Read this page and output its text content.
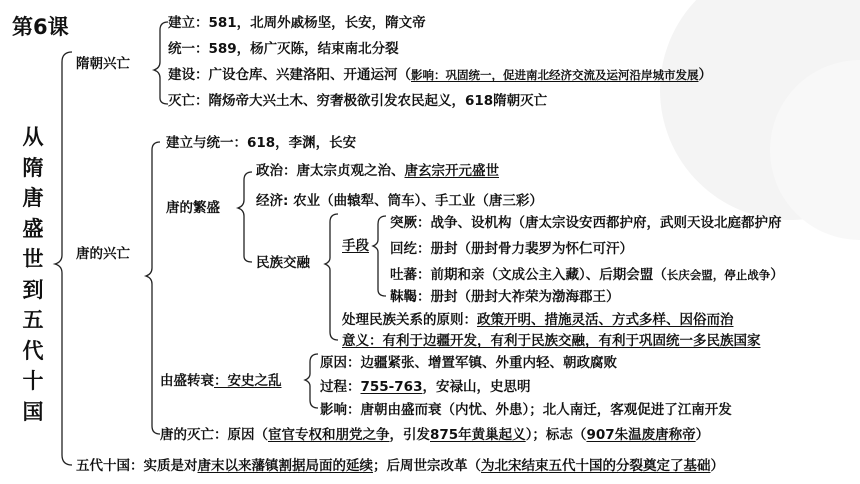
第6课
从
隋
唐
盛
世
到
五
代
十
国
隋朝兴亡
建立：581，北周外戚杨坚，长安，隋文帝
统一：589，杨广灭陈，结束南北分裂
建设：广设仓库、兴建洛阳、开通运河（影响：巩固统一，促进南北经济交流及运河沿岸城市发展）
灭亡：隋炀帝大兴土木、穷奢极欲引发农民起义，618隋朝灭亡
唐的兴亡
建立与统一：618，李渊，长安
唐的繁盛
政治：唐太宗贞观之治、唐玄宗开元盛世
经济: 农业（曲辕犁、筒车）、手工业（唐三彩）
民族交融
手段
突厥：战争、设机构（唐太宗设安西都护府，武则天设北庭都护府
回纥：册封（册封骨力裴罗为怀仁可汗）
吐蕃：前期和亲（文成公主入藏）、后期会盟（长庆会盟，停止战争）
靺鞨：册封（册封大祚荣为渤海郡王）
处理民族关系的原则：政策开明、措施灵活、方式多样、因俗而治
意义：有利于边疆开发，有利于民族交融，有利于巩固统一多民族国家
由盛转衰：安史之乱
原因：边疆紧张、增置军镇、外重内轻、朝政腐败
过程：755-763，安禄山，史思明
影响：唐朝由盛而衰（内忧、外患）；北人南迁，客观促进了江南开发
唐的灭亡：原因（宦官专权和朋党之争，引发875年黄巢起义）；标志（907朱温废唐称帝）
五代十国：实质是对唐末以来藩镇割据局面的延续；后周世宗改革（为北宋结束五代十国的分裂奠定了基础）
